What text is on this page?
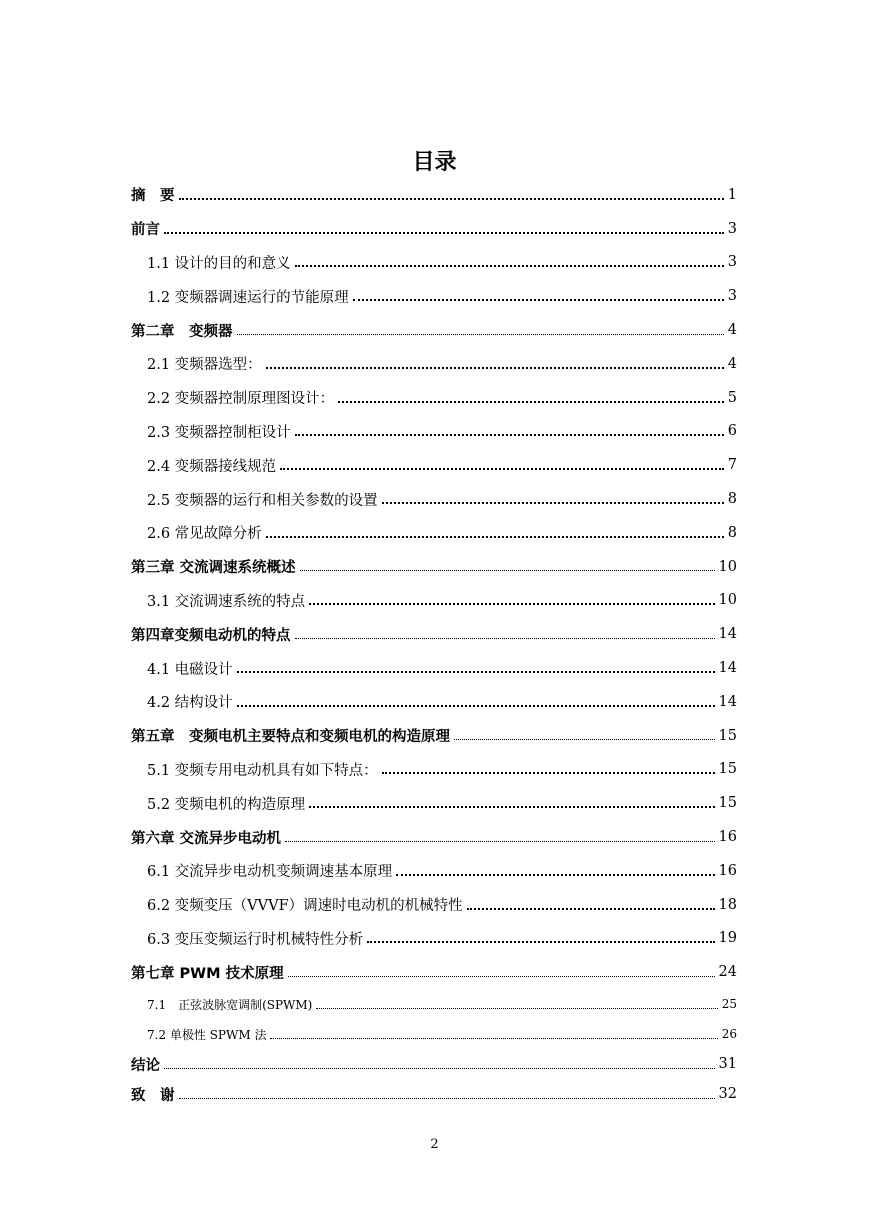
目录
摘　要	1
前言	3
1.1 设计的目的和意义	3
1.2 变频器调速运行的节能原理	3
第二章　变频器	4
2.1 变频器选型：	4
2.2 变频器控制原理图设计：	5
2.3 变频器控制柜设计	6
2.4 变频器接线规范	7
2.5 变频器的运行和相关参数的设置	8
2.6 常见故障分析	8
第三章 交流调速系统概述	10
3.1 交流调速系统的特点	10
第四章变频电动机的特点	14
4.1 电磁设计	14
4.2 结构设计	14
第五章　变频电机主要特点和变频电机的构造原理	15
5.1 变频专用电动机具有如下特点：	15
5.2 变频电机的构造原理	15
第六章 交流异步电动机	16
6.1 交流异步电动机变频调速基本原理	16
6.2 变频变压（VVVF）调速时电动机的机械特性	18
6.3 变压变频运行时机械特性分析	19
第七章 PWM 技术原理	24
7.1　正弦波脉宽调制(SPWM)	25
7.2 单极性 SPWM 法	26
结论	31
致　谢	32
2
